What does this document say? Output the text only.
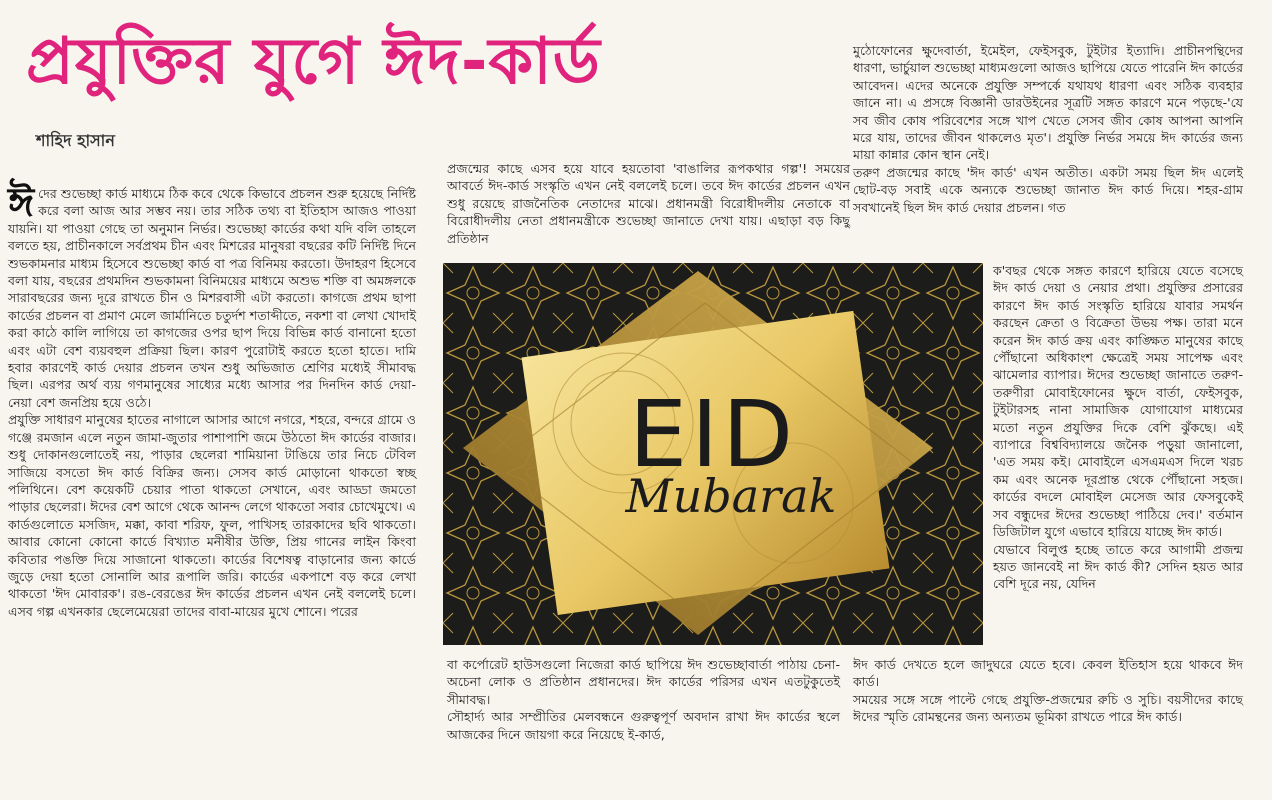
প্রযুক্তির যুগে ঈদ-কার্ড
শাহিদ হাসান

ঈদের শুভেচ্ছা কার্ড মাধ্যমে ঠিক কবে থেকে কিভাবে প্রচলন শুরু হয়েছে নির্দিষ্ট করে বলা আজ আর সম্ভব নয়। তার সঠিক তথ্য বা ইতিহাস আজও পাওয়া যায়নি। যা পাওয়া গেছে তা অনুমান নির্ভর। শুভেচ্ছা কার্ডের কথা যদি বলি তাহলে বলতে হয়, প্রাচীনকালে সর্বপ্রথম চীন এবং মিশরের মানুষরা বছরের কটি নির্দিষ্ট দিনে শুভকামনার মাধ্যম হিসেবে শুভেচ্ছা কার্ড বা পত্র বিনিময় করতো। উদাহরণ হিসেবে বলা যায়, বছরের প্রথমদিন শুভকামনা বিনিময়ের মাধ্যমে অশুভ শক্তি বা অমঙ্গলকে সারাবছরের জন্য দূরে রাখতে চীন ও মিশরবাসী এটা করতো। কাগজে প্রথম ছাপা কার্ডের প্রচলন বা প্রমাণ মেলে জার্মানিতে চতুর্দশ শতাব্দীতে, নকশা বা লেখা খোদাই করা কাঠে কালি লাগিয়ে তা কাগজের ওপর ছাপ দিয়ে বিভিন্ন কার্ড বানানো হতো এবং এটা বেশ ব্যয়বহুল প্রক্রিয়া ছিল। কারণ পুরোটাই করতে হতো হাতে। দামি হবার কারণেই কার্ড দেয়ার প্রচলন তখন শুধু অভিজাত শ্রেণির মধ্যেই সীমাবদ্ধ ছিল। এরপর অর্থ ব্যয় গণমানুষের সাধ্যের মধ্যে আসার পর দিনদিন কার্ড দেয়া- নেয়া বেশ জনপ্রিয় হয়ে ওঠে।

প্রযুক্তি সাধারণ মানুষের হাতের নাগালে আসার আগে নগরে, শহরে, বন্দরে গ্রামে ও গঞ্জে রমজান এলে নতুন জামা-জুতার পাশাপাশি জমে উঠতো ঈদ কার্ডের বাজার। শুধু দোকানগুলোতেই নয়, পাড়ার ছেলেরা শামিয়ানা টাঙিয়ে তার নিচে টেবিল সাজিয়ে বসতো ঈদ কার্ড বিক্রির জন্য। সেসব কার্ড মোড়ানো থাকতো স্বচ্ছ পলিথিনে। বেশ কয়েকটি চেয়ার পাতা থাকতো সেখানে, এবং আড্ডা জমতো পাড়ার ছেলেরা। ঈদের বেশ আগে থেকে আনন্দ লেগে থাকতো সবার চোখেমুখে। এ কার্ডগুলোতে মসজিদ, মক্কা, কাবা শরিফ, ফুল, পাখিসহ তারকাদের ছবি থাকতো। আবার কোনো কোনো কার্ডে বিখ্যাত মনীষীর উক্তি, প্রিয় গানের লাইন কিংবা কবিতার পঙক্তি দিয়ে সাজানো থাকতো। কার্ডের বিশেষত্ব বাড়ানোর জন্য কার্ডে জুড়ে দেয়া হতো সোনালি আর রূপালি জরি। কার্ডের একপাশে বড় করে লেখা থাকতো 'ঈদ মোবারক'। রঙ-বেরঙের ঈদ কার্ডের প্রচলন এখন নেই বললেই চলে। এসব গল্প এখনকার ছেলেমেয়েরা তাদের বাবা-মায়ের মুখে শোনে। পরের

প্রজন্মের কাছে এসব হয়ে যাবে হয়তোবা 'বাঙালির রূপকথার গল্প'! সময়ের আবর্তে ঈদ-কার্ড সংস্কৃতি এখন নেই বললেই চলে। তবে ঈদ কার্ডের প্রচলন এখন শুধু রয়েছে রাজনৈতিক নেতাদের মাঝে। প্রধানমন্ত্রী বিরোধীদলীয় নেতাকে বা বিরোধীদলীয় নেতা প্রধানমন্ত্রীকে শুভেচ্ছা জানাতে দেখা যায়। এছাড়া বড় কিছু প্রতিষ্ঠান

EID
Mubarak

বা কর্পোরেট হাউসগুলো নিজেরা কার্ড ছাপিয়ে ঈদ শুভেচ্ছাবার্তা পাঠায় চেনা-অচেনা লোক ও প্রতিষ্ঠান প্রধানদের। ঈদ কার্ডের পরিসর এখন এতটুকুতেই সীমাবদ্ধ।

সৌহার্দ্য আর সম্প্রীতির মেলবন্ধনে গুরুত্বপূর্ণ অবদান রাখা ঈদ কার্ডের স্থলে আজকের দিনে জায়গা করে নিয়েছে ই-কার্ড,

মুঠোফোনের ক্ষুদেবার্তা, ইমেইল, ফেইসবুক, টুইটার ইত্যাদি। প্রাচীনপন্থিদের ধারণা, ভার্চুয়াল শুভেচ্ছা মাধ্যমগুলো আজও ছাপিয়ে যেতে পারেনি ঈদ কার্ডের আবেদন। এদের অনেকে প্রযুক্তি সম্পর্কে যথাযথ ধারণা এবং সঠিক ব্যবহার জানে না। এ প্রসঙ্গে বিজ্ঞানী ডারউইনের সূত্রটি সঙ্গত কারণে মনে পড়ছে-'যে সব জীব কোষ পরিবেশের সঙ্গে খাপ খেতে সেসব জীব কোষ আপনা আপনি মরে যায়, তাদের জীবন থাকলেও মৃত'। প্রযুক্তি নির্ভর সময়ে ঈদ কার্ডের জন্য মায়া কান্নার কোন স্থান নেই।

তরুণ প্রজন্মের কাছে 'ঈদ কার্ড' এখন অতীত। একটা সময় ছিল ঈদ এলেই ছোট-বড় সবাই একে অন্যকে শুভেচ্ছা জানাত ঈদ কার্ড দিয়ে। শহর-গ্রাম সবখানেই ছিল ঈদ কার্ড দেয়ার প্রচলন। গত

ক'বছর থেকে সঙ্গত কারণে হারিয়ে যেতে বসেছে ঈদ কার্ড দেয়া ও নেয়ার প্রথা। প্রযুক্তির প্রসারের কারণে ঈদ কার্ড সংস্কৃতি হারিয়ে যাবার সমর্থন করছেন ক্রেতা ও বিক্রেতা উভয় পক্ষ। তারা মনে করেন ঈদ কার্ড ক্রয় এবং কাঙ্ক্ষিত মানুষের কাছে পৌঁছানো অধিকাংশ ক্ষেত্রেই সময় সাপেক্ষ এবং ঝামেলার ব্যাপার। ঈদের শুভেচ্ছা জানাতে তরুণ-তরুণীরা মোবাইফোনের ক্ষুদে বার্তা, ফেইসবুক, টুইটারসহ নানা সামাজিক যোগাযোগ মাধ্যমের মতো নতুন প্রযুক্তির দিকে বেশি ঝুঁকছে। এই ব্যাপারে বিশ্ববিদ্যালয়ে জনৈক পড়ুয়া জানালো, 'এত সময় কই। মোবাইলে এসএমএস দিলে খরচ কম এবং অনেক দূরপ্রান্ত থেকে পৌঁছানো সহজ। কার্ডের বদলে মোবাইল মেসেজ আর ফেসবুকেই সব বন্ধুদের ঈদের শুভেচ্ছা পাঠিয়ে দেব।' বর্তমান ডিজিটাল যুগে এভাবে হারিয়ে যাচ্ছে ঈদ কার্ড।

যেভাবে বিলুপ্ত হচ্ছে তাতে করে আগামী প্রজন্ম হয়ত জানবেই না ঈদ কার্ড কী? সেদিন হয়ত আর বেশি দূরে নয়, যেদিন

ঈদ কার্ড দেখতে হলে জাদুঘরে যেতে হবে। কেবল ইতিহাস হয়ে থাকবে ঈদ কার্ড।

সময়ের সঙ্গে সঙ্গে পাল্টে গেছে প্রযুক্তি-প্রজন্মের রুচি ও সুচি। বয়সীদের কাছে ঈদের স্মৃতি রোমন্থনের জন্য অন্যতম ভূমিকা রাখতে পারে ঈদ কার্ড।
